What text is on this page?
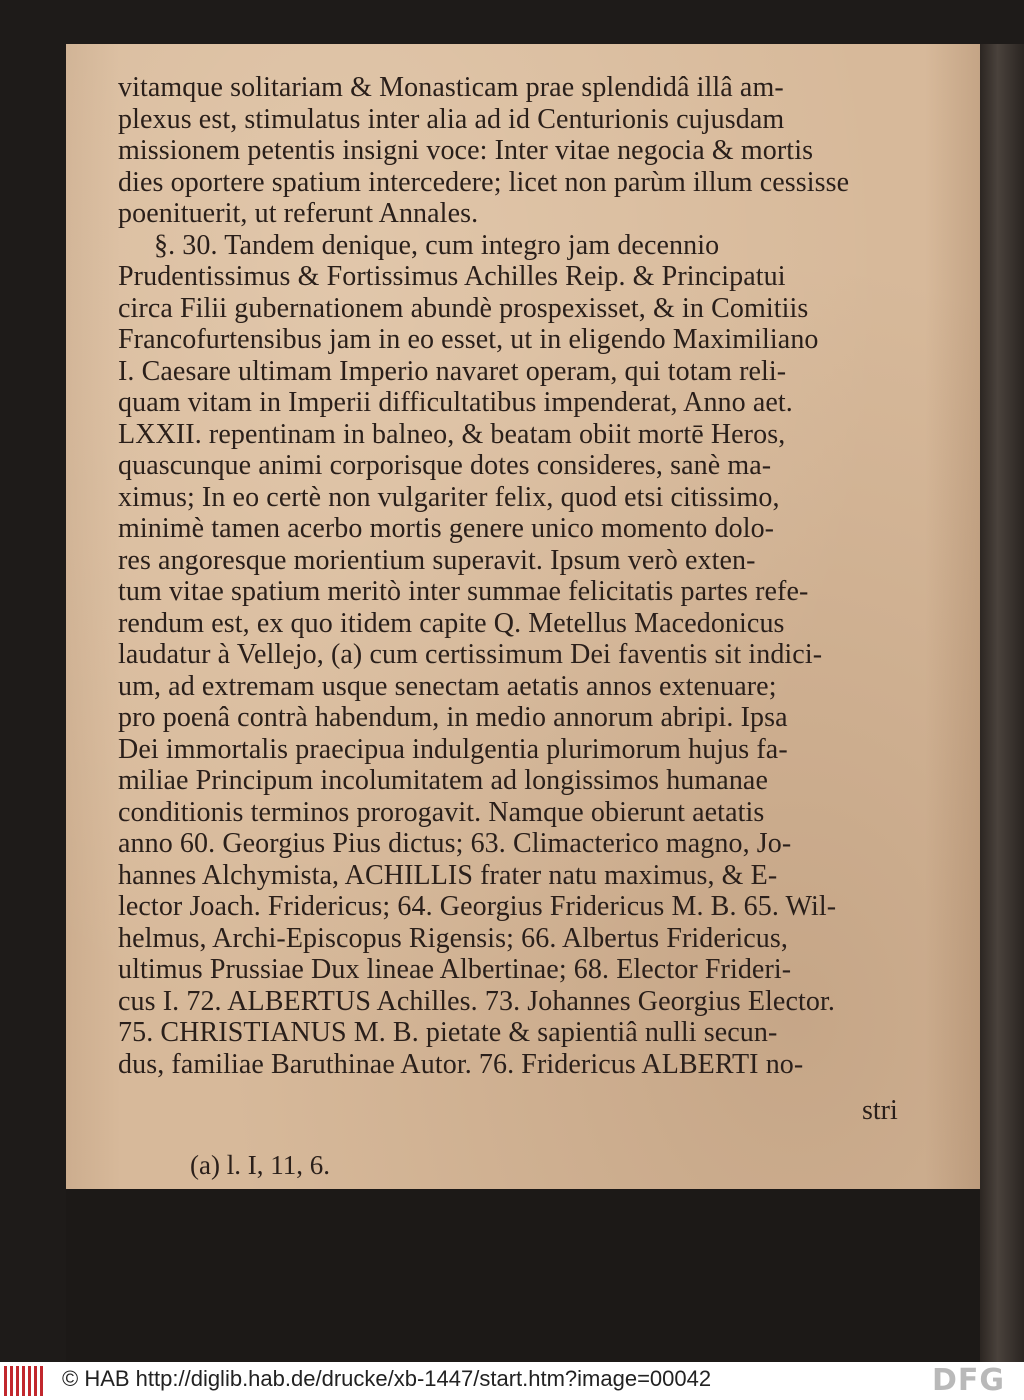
vitamque solitariam & Monasticam prae splendidâ illâ am-
plexus est, stimulatus inter alia ad id Centurionis cujusdam
missionem petentis insigni voce: Inter vitae negocia & mortis
dies oportere spatium intercedere; licet non parùm illum cessisse
poenituerit, ut referunt Annales.
§. 30. Tandem denique, cum integro jam decennio
Prudentissimus & Fortissimus Achilles Reip. & Principatui
circa Filii gubernationem abundè prospexisset, & in Comitiis
Francofurtensibus jam in eo esset, ut in eligendo Maximiliano
I. Caesare ultimam Imperio navaret operam, qui totam reli-
quam vitam in Imperii difficultatibus impenderat, Anno aet.
LXXII. repentinam in balneo, & beatam obiit mortē Heros,
quascunque animi corporisque dotes consideres, sanè ma-
ximus; In eo certè non vulgariter felix, quod etsi citissimo,
minimè tamen acerbo mortis genere unico momento dolo-
res angoresque morientium superavit. Ipsum verò exten-
tum vitae spatium meritò inter summae felicitatis partes refe-
rendum est, ex quo itidem capite Q. Metellus Macedonicus
laudatur à Vellejo, (a) cum certissimum Dei faventis sit indici-
um, ad extremam usque senectam aetatis annos extenuare;
pro poenâ contrà habendum, in medio annorum abripi. Ipsa
Dei immortalis praecipua indulgentia plurimorum hujus fa-
miliae Principum incolumitatem ad longissimos humanae
conditionis terminos prorogavit. Namque obierunt aetatis
anno 60. Georgius Pius dictus; 63. Climacterico magno, Jo-
hannes Alchymista, ACHILLIS frater natu maximus, & E-
lector Joach. Fridericus; 64. Georgius Fridericus M. B. 65. Wil-
helmus, Archi-Episcopus Rigensis; 66. Albertus Fridericus,
ultimus Prussiae Dux lineae Albertinae; 68. Elector Frideri-
cus I. 72. ALBERTUS Achilles. 73. Johannes Georgius Elector.
75. CHRISTIANUS M. B. pietate & sapientiâ nulli secun-
dus, familiae Baruthinae Autor. 76. Fridericus ALBERTI no-
stri
(a) l. I, 11, 6.
© HAB http://diglib.hab.de/drucke/xb-1447/start.htm?image=00042	DFG
